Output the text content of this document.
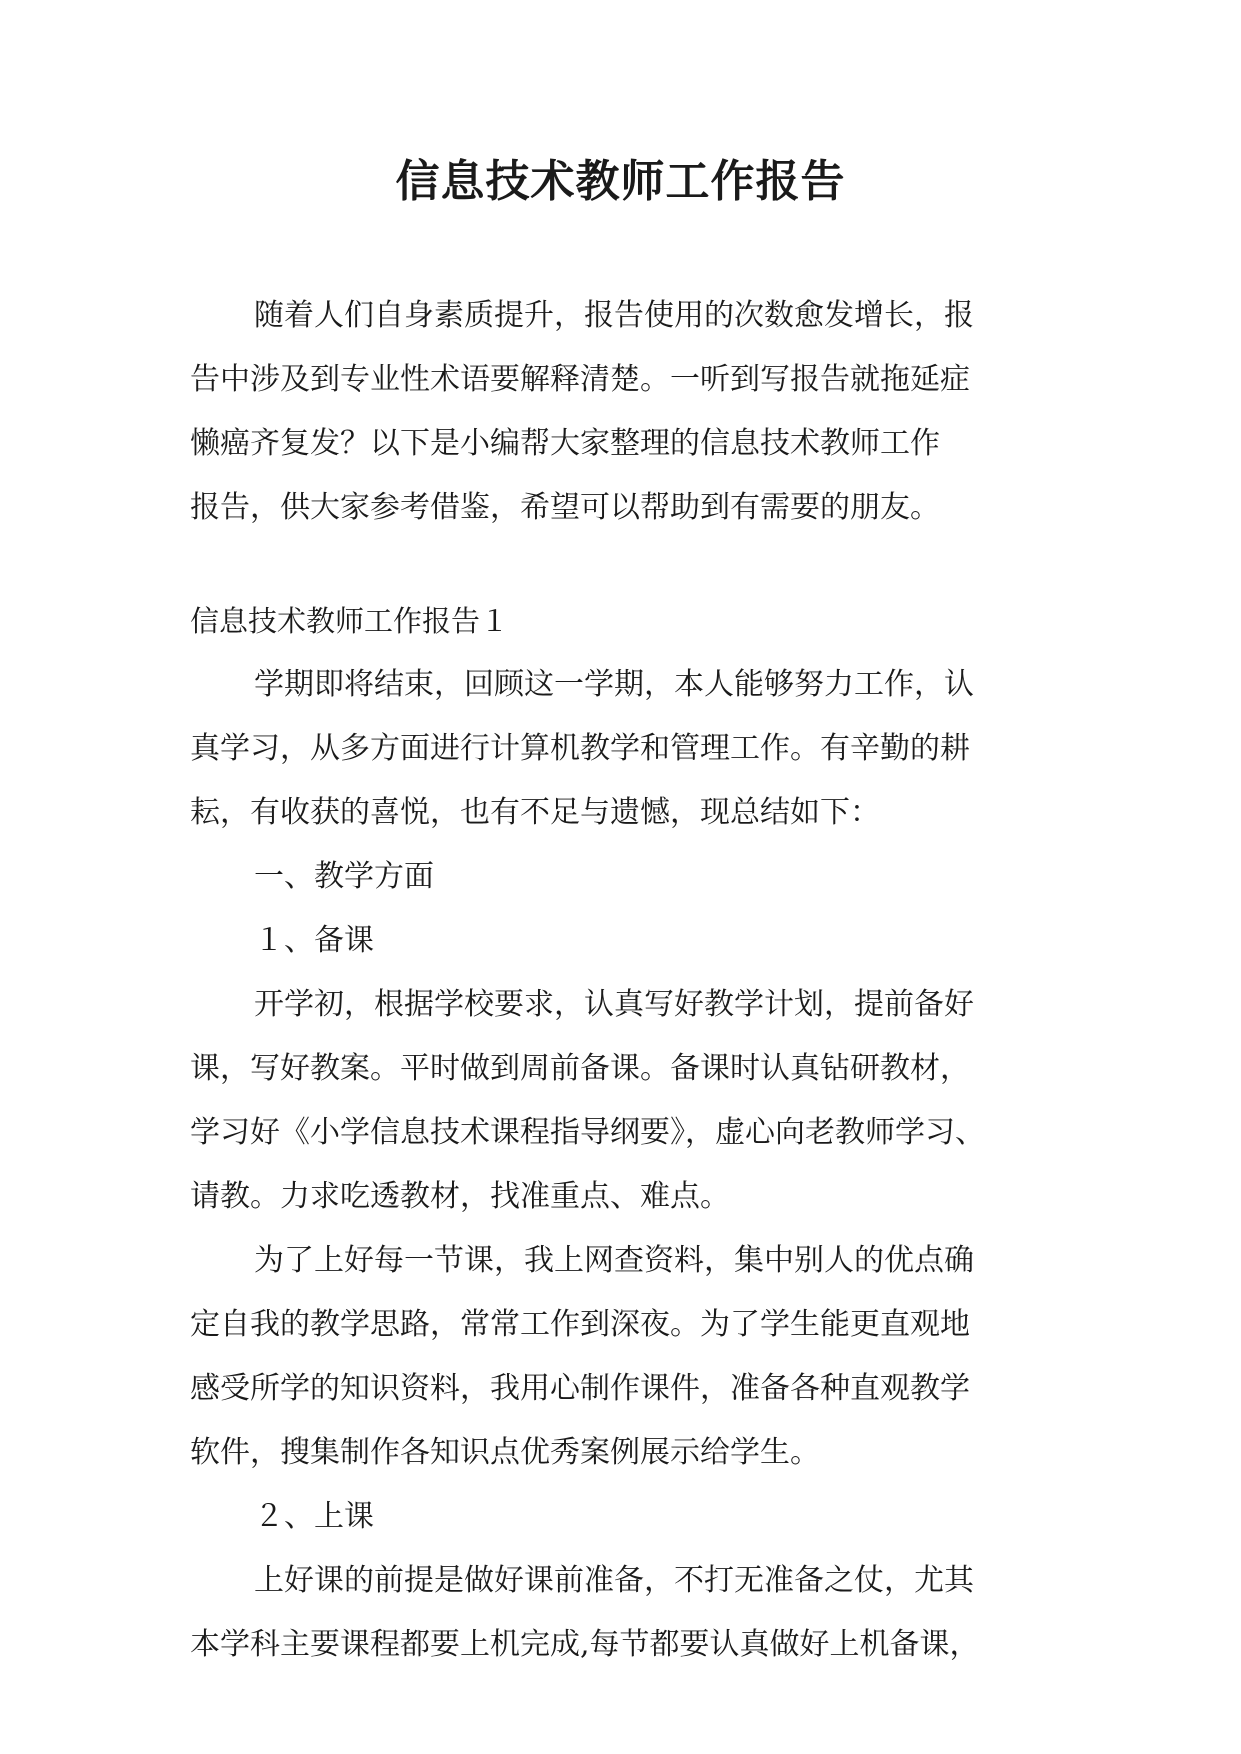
信息技术教师工作报告
随着人们自身素质提升，报告使用的次数愈发增长，报
告中涉及到专业性术语要解释清楚。一听到写报告就拖延症
懒癌齐复发？以下是小编帮大家整理的信息技术教师工作
报告，供大家参考借鉴，希望可以帮助到有需要的朋友。
信息技术教师工作报告１
学期即将结束，回顾这一学期，本人能够努力工作，认
真学习，从多方面进行计算机教学和管理工作。有辛勤的耕
耘，有收获的喜悦，也有不足与遗憾，现总结如下：
一、教学方面
１、备课
开学初，根据学校要求，认真写好教学计划，提前备好
课，写好教案。平时做到周前备课。备课时认真钻研教材，
学习好《小学信息技术课程指导纲要》，虚心向老教师学习、
请教。力求吃透教材，找准重点、难点。
为了上好每一节课，我上网查资料，集中别人的优点确
定自我的教学思路，常常工作到深夜。为了学生能更直观地
感受所学的知识资料，我用心制作课件，准备各种直观教学
软件，搜集制作各知识点优秀案例展示给学生。
２、上课
上好课的前提是做好课前准备，不打无准备之仗，尤其
本学科主要课程都要上机完成,每节都要认真做好上机备课，
